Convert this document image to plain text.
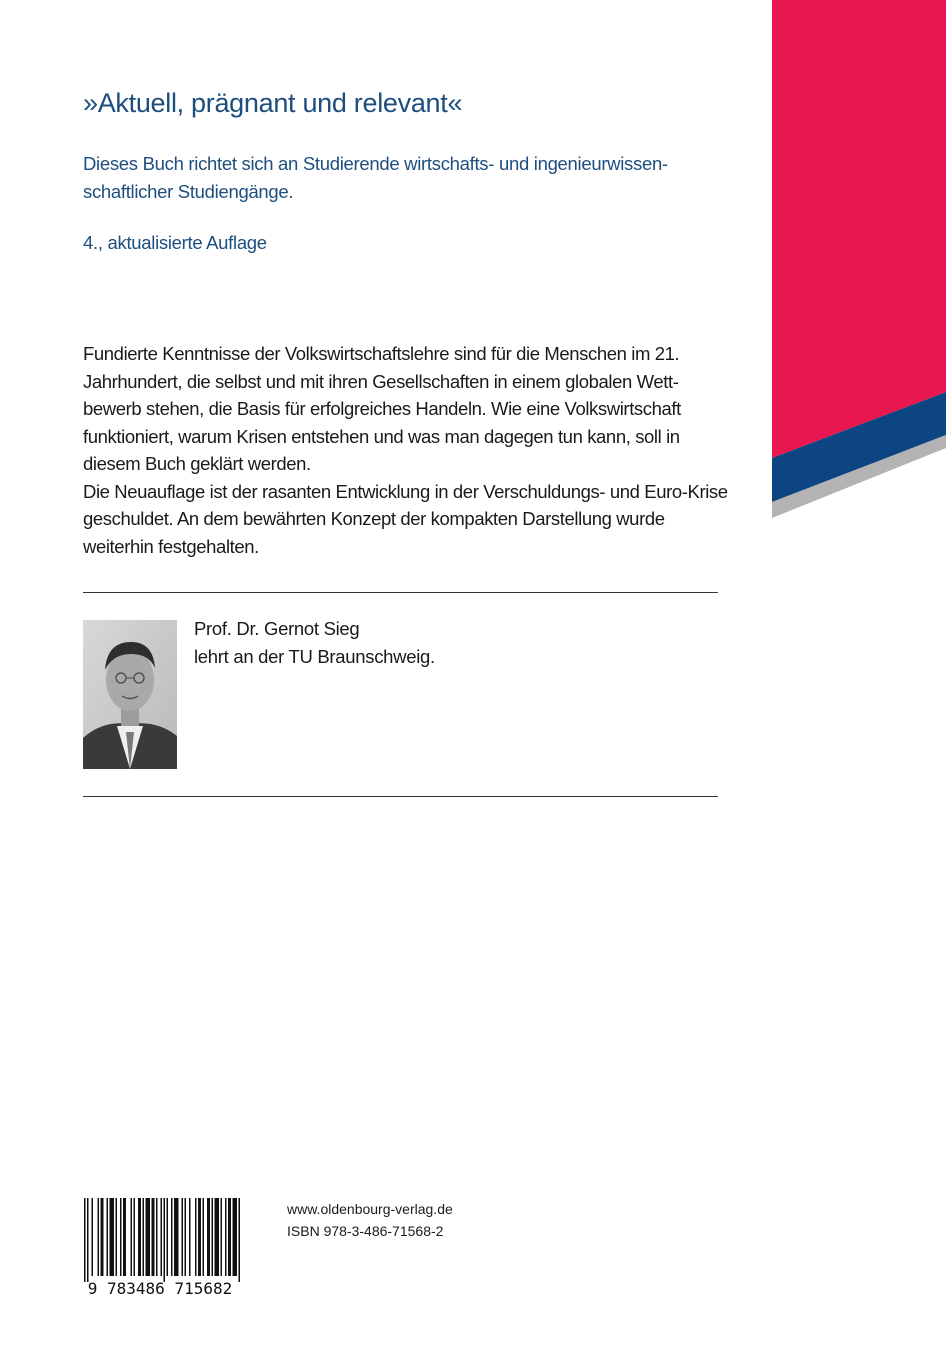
»Aktuell, prägnant und relevant«
Dieses Buch richtet sich an Studierende wirtschafts- und ingenieurwissen-schaftlicher Studiengänge.
4., aktualisierte Auflage

Fundierte Kenntnisse der Volkswirtschaftslehre sind für die Menschen im 21. Jahrhundert, die selbst und mit ihren Gesellschaften in einem globalen Wett-bewerb stehen, die Basis für erfolgreiches Handeln. Wie eine Volkswirtschaft funktioniert, warum Krisen entstehen und was man dagegen tun kann, soll in diesem Buch geklärt werden.

Die Neuauflage ist der rasanten Entwicklung in der Verschuldungs- und Euro-Krise geschuldet. An dem bewährten Konzept der kompakten Darstellung wurde weiterhin festgehalten.

Prof. Dr. Gernot Sieg
lehrt an der TU Braunschweig.
9 783486 715682
www.oldenbourg-verlag.de
ISBN 978-3-486-71568-2
